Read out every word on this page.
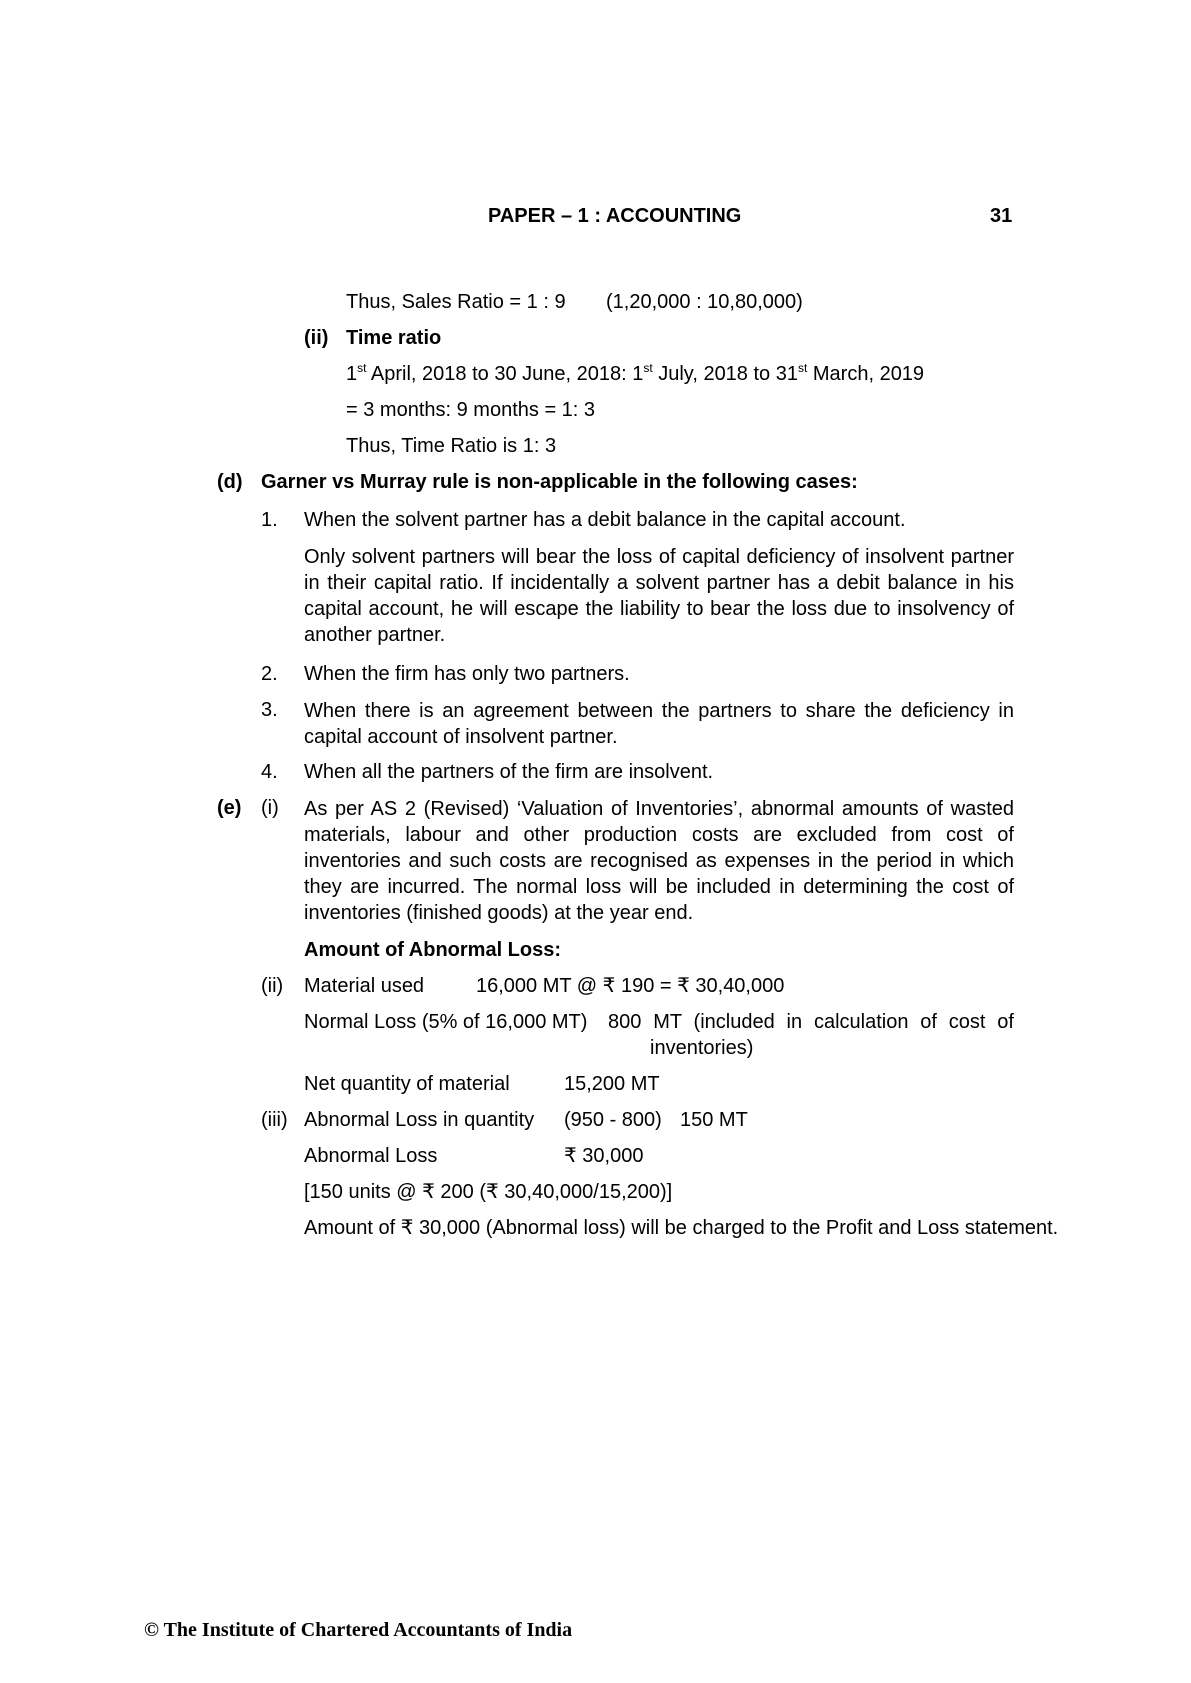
PAPER – 1 : ACCOUNTING	31
Thus, Sales Ratio = 1 : 9 (1,20,000 : 10,80,000)
(ii) Time ratio
1st April, 2018 to 30 June, 2018: 1st July, 2018 to 31st March, 2019
= 3 months: 9 months = 1: 3
Thus, Time Ratio is 1: 3
(d) Garner vs Murray rule is non-applicable in the following cases:
1. When the solvent partner has a debit balance in the capital account.
Only solvent partners will bear the loss of capital deficiency of insolvent partner in their capital ratio. If incidentally a solvent partner has a debit balance in his capital account, he will escape the liability to bear the loss due to insolvency of another partner.
2. When the firm has only two partners.
3. When there is an agreement between the partners to share the deficiency in capital account of insolvent partner.
4. When all the partners of the firm are insolvent.
(e) (i) As per AS 2 (Revised) ‘Valuation of Inventories’, abnormal amounts of wasted materials, labour and other production costs are excluded from cost of inventories and such costs are recognised as expenses in the period in which they are incurred. The normal loss will be included in determining the cost of inventories (finished goods) at the year end.
Amount of Abnormal Loss:
(ii) Material used	16,000 MT @ ₹ 190 = ₹ 30,40,000
Normal Loss (5% of 16,000 MT) 800 MT (included in calculation of cost of
inventories)
Net quantity of material	15,200 MT
(iii) Abnormal Loss in quantity (950 - 800) 150 MT
Abnormal Loss	₹ 30,000
[150 units @ ₹ 200 (₹ 30,40,000/15,200)]
Amount of ₹ 30,000 (Abnormal loss) will be charged to the Profit and Loss statement.
© The Institute of Chartered Accountants of India
